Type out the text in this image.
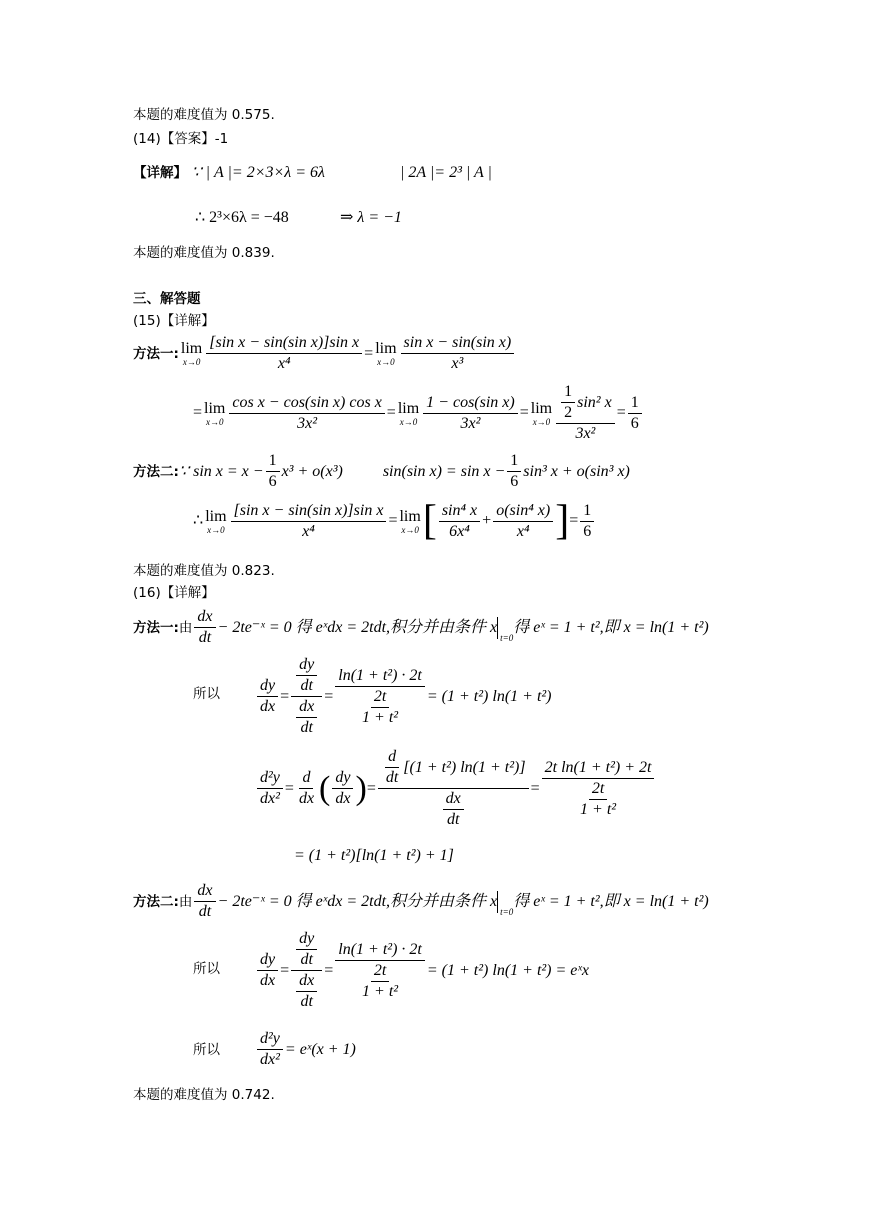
本题的难度值为 0.575.
(14)【答案】-1
【详解】 ∵ | A |= 2×3×λ = 6λ	| 2A |= 2³ | A |
∴ 2³×6λ = −48	⇒ λ = −1
本题的难度值为 0.839.
三、解答题
(15)【详解】
方法一: lim
$x\to 0 \frac{\text{[sin x − sin(sin x)]sin x}}{\text{x⁴}} = \lim$
$x\to 0 \frac{\text{sin x − sin(sin x)}}{\text{x³}}$
= lim
$x\to 0 \frac{\text{cos x − cos(sin x) cos x}}{\text{3x²}} = \lim$
$x\to 0 \frac{\text{1 − cos(sin x)}}{\text{3x²}} = \lim$
$x\to 0 \frac{\frac{1}{2} \sin^2 x}{\text{3x²}} = \frac{1}{6}$
方法二: ∵ $\sin x = x - \frac{1}{6} x^3 + o(x^3)$	sin(sin $x) = \sin x - \frac{1}{6} \sin^3$ x + o(sin³ x)
∴ lim
$x\to 0 \frac{\text{[sin x − sin(sin x)]sin x}}{\text{x⁴}} = \lim$
x→0 [ $\frac{\text{sin⁴ x}}{\text{6x⁴}} + \frac{\text{o(sin⁴ x)}}{\text{x⁴}}$ ] = $\frac{1}{6}$
本题的难度值为 0.823.
(16)【详解】
方法一: 由 $\frac{dx}{dt}$ − 2te⁻ˣ = 0 得 eˣdx = 2tdt,积分并由条件 x
t=0
得 eˣ = 1 + t²,即 x = ln(1 + t²)
所以 $\frac{dy}{dx} = \frac{\frac{dy}{dt}}{\frac{dx}{dt}} = \frac{\text{ln(1 + t²) · 2t}}{\frac{2t}{\text{1 + t²}}} = (1 + t^2) \ln(1 + t^2)$
$\frac{\text{d²y}}{\text{dx²}} = \frac{d}{dx}$ ( $\frac{dy}{dx}$ ) = $\frac{\frac{d}{dt} [(1 + t^2) \ln(1 + t^2)]}{\frac{dx}{dt}} = \frac{\text{2t ln(1 + t²) + 2t}}{\frac{2t}{\text{1 + t²}}}$
= (1 + t²)[ln(1 + t²) + 1]
方法二: 由 $\frac{dx}{dt}$ − 2te⁻ˣ = 0 得 eˣdx = 2tdt,积分并由条件 x
t=0
得 eˣ = 1 + t²,即 x = ln(1 + t²)
所以 $\frac{dy}{dx} = \frac{\frac{dy}{dt}}{\frac{dx}{dt}} = \frac{\text{ln(1 + t²) · 2t}}{\frac{2t}{\text{1 + t²}}} = (1 + t^2) \ln(1 + t^2)$ = eˣx
所以 $\frac{\text{d²y}}{\text{dx²}}$ = eˣ(x + 1)
本题的难度值为 0.742.
